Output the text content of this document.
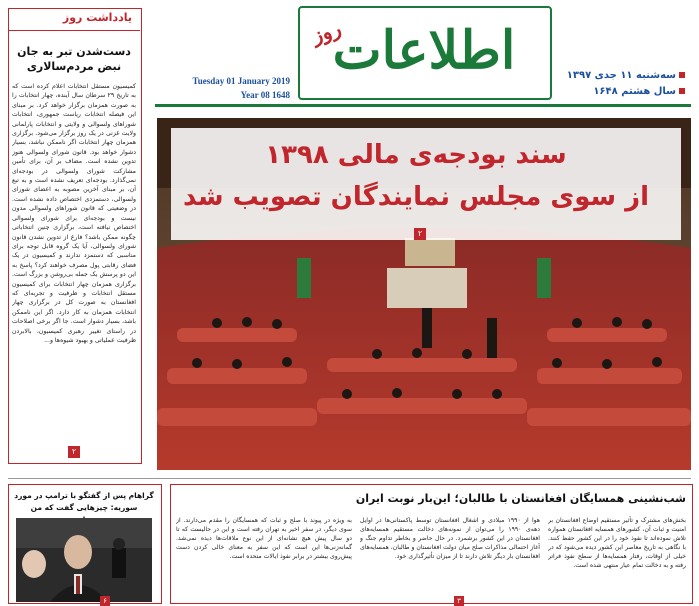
اطلاعات
روز
سه‌شنبه ۱۱ جدی ۱۳۹۷
سال هشتم ۱۶۴۸
Tuesday 01 January 2019
Year 08 1648
یادداشت روز
دست‌شدن تبر به جان نبض مردم‌سالاری
کمیسیون مستقل انتخابات اعلام کرده است که به تاریخ ۲۹ سرطان سال آینده، چهار انتخابات را به صورت همزمان برگزار خواهد کرد. بر مبنای این فیصله انتخابات ریاست جمهوری، انتخابات شوراهای ولسوالی و ولایتی و انتخابات پارلمانی ولایت غزنی در یک روز برگزار می‌شود. برگزاری همزمان چهار انتخابات اگر ناممکن نباشد، بسیار دشوار خواهد بود. قانون شورای ولسوالی هنوز تدوین نشده است. مضاف بر آن، برای تأمین مشارکت شورای ولسوالی در بودجه‌ای نمی‌گذارد. بودجه‌ای تعریف نشده است و به تبع آن، بر مبنای آخرین مصوبه به اعضای شورای ولسوالی، دستمزدی اختصاص داده نشده است. در وضعیتی که قانون شوراهای ولسوالی مدون نیست و بودجه‌ای برای شورای ولسوالی اختصاص نیافته است، برگزاری چنین انتخاباتی چگونه ممکن باشد؟ فارغ از تدوین نشدن قانون شورای ولسوالی، آیا یک گروه قابل توجه برای مناسبی که دستمزد ندارند و کمیسیون در یک فضای رقابتی پول مصرف خواهند کرد؟ پاسخ به این دو پرسش یک جمله بی‌روشن و بزرگ است. برگزاری همزمان چهار انتخابات برای کمیسیون مستقل انتخابات و ظرفیت و تجربه‌ای که افغانستان به صورت کل در برگزاری چهار انتخابات همزمان به کار دارد. اگر این ناممکن باشد، بسیار دشوار است. جا اگر برخی اصلاحات در راستای تغییر رهبری کمیسیون، بالابردن ظرفیت عملیاتی و بهبود شیوه‌ها و...
۲
سند بودجه‌ی مالی ۱۳۹۸
از سوی مجلس نمایندگان تصویب شد
۲
گراهام پس از گفتگو با ترامپ در مورد سوریه: چیزهایی گفت که من
۶
شب‌نشینی همسایگان افغانستان با طالبان؛ این‌بار نوبت ایران
بخش‌های مشترک و تأثیر مستقیم اوضاع افغانستان بر امنیت و ثبات آن، کشورهای همسایه افغانستان همواره تلاش نموده‌اند تا نفوذ خود را در این کشور حفظ کنند. با نگاهی به تاریخ معاصر این کشور دیده می‌شود که در خیلی از اوقات، رفتار همسایه‌ها از سطح نفوذ فراتر رفته و به دخالت تمام عیار منتهی شده است.
هوا از ۱۹۹۰ میلادی و اشغال افغانستان توسط پاکستانی‌ها در اوایل دهه‌ی ۱۹۹۰ را می‌توان از نمونه‌های دخالت مستقیم همسایه‌های افغانستان در این کشور برشمرد. در حال حاضر و بخاطر تداوم جنگ و آغاز احتمالی مذاکرات صلح میان دولت افغانستان و طالبان، همسایه‌های افغانستان بار دیگر تلاش دارند تا از میزان تأثیرگذاری خود.
به ویژه در پیوند با صلح و ثبات که همسایگان را مقدم می‌دارند. از سوی دیگر، در سفر اخیر به تهران رفته است و این در حالیست که تا دو سال پیش هیچ نشانه‌ای از این نوع ملاقات‌ها دیده نمی‌شد. گمانه‌زنی‌ها این است که این سفر به معنای خالی کردن دست پیش‌روی بیشتر در برابر نفوذ ایالات متحده است.
۳
